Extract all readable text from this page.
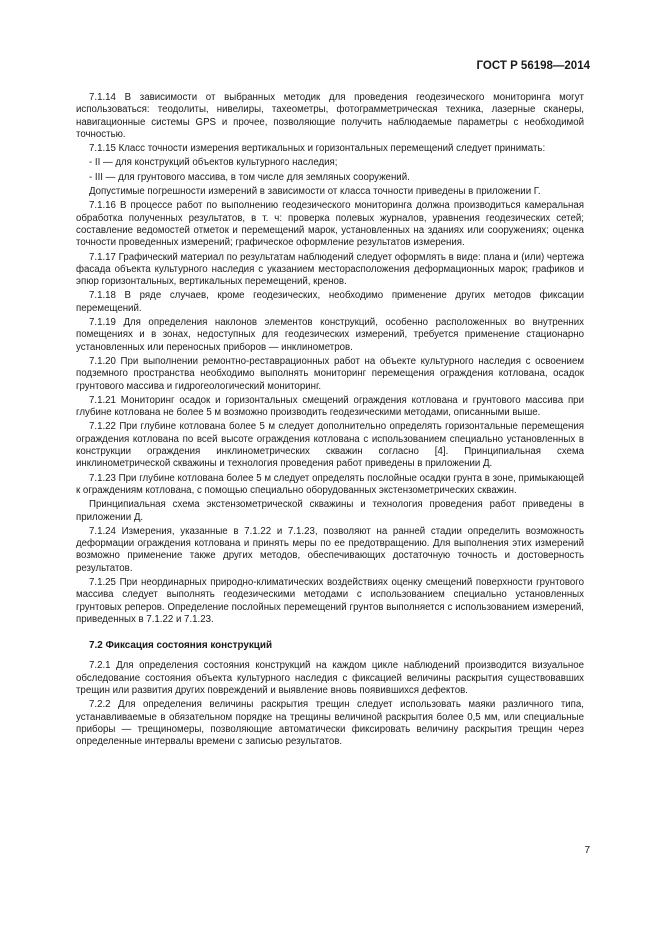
ГОСТ Р 56198—2014

7.1.14 В зависимости от выбранных методик для проведения геодезического мониторинга могут использоваться: теодолиты, нивелиры, тахеометры, фотограмметрическая техника, лазерные сканеры, навигационные системы GPS и прочее, позволяющие получить наблюдаемые параметры с необходимой точностью.

7.1.15 Класс точности измерения вертикальных и горизонтальных перемещений следует принимать:

- II — для конструкций объектов культурного наследия;

- III — для грунтового массива, в том числе для земляных сооружений.

Допустимые погрешности измерений в зависимости от класса точности приведены в приложении Г.

7.1.16 В процессе работ по выполнению геодезического мониторинга должна производиться камеральная обработка полученных результатов, в т. ч: проверка полевых журналов, уравнения геодезических сетей; составление ведомостей отметок и перемещений марок, установленных на зданиях или сооружениях; оценка точности проведенных измерений; графическое оформление результатов измерения.

7.1.17 Графический материал по результатам наблюдений следует оформлять в виде: плана и (или) чертежа фасада объекта культурного наследия с указанием месторасположения деформационных марок; графиков и эпюр горизонтальных, вертикальных перемещений, кренов.

7.1.18 В ряде случаев, кроме геодезических, необходимо применение других методов фиксации перемещений.

7.1.19 Для определения наклонов элементов конструкций, особенно расположенных во внутренних помещениях и в зонах, недоступных для геодезических измерений, требуется применение стационарно установленных или переносных приборов — инклинометров.

7.1.20 При выполнении ремонтно-реставрационных работ на объекте культурного наследия с освоением подземного пространства необходимо выполнять мониторинг перемещения ограждения котлована, осадок грунтового массива и гидрогеологический мониторинг.

7.1.21 Мониторинг осадок и горизонтальных смещений ограждения котлована и грунтового массива при глубине котлована не более 5 м возможно производить геодезическими методами, описанными выше.

7.1.22 При глубине котлована более 5 м следует дополнительно определять горизонтальные перемещения ограждения котлована по всей высоте ограждения котлована с использованием специально установленных в конструкции ограждения инклинометрических скважин согласно [4]. Принципиальная схема инклинометрической скважины и технология проведения работ приведены в приложении Д.

7.1.23 При глубине котлована более 5 м следует определять послойные осадки грунта в зоне, примыкающей к ограждениям котлована, с помощью специально оборудованных экстензометрических скважин.

Принципиальная схема экстензометрической скважины и технология проведения работ приведены в приложении Д.

7.1.24 Измерения, указанные в 7.1.22 и 7.1.23, позволяют на ранней стадии определить возможность деформации ограждения котлована и принять меры по ее предотвращению. Для выполнения этих измерений возможно применение также других методов, обеспечивающих достаточную точность и достоверность результатов.

7.1.25 При неординарных природно-климатических воздействиях оценку смещений поверхности грунтового массива следует выполнять геодезическими методами с использованием специально установленных грунтовых реперов. Определение послойных перемещений грунтов выполняется с использованием измерений, приведенных в 7.1.22 и 7.1.23.

7.2 Фиксация состояния конструкций

7.2.1 Для определения состояния конструкций на каждом цикле наблюдений производится визуальное обследование состояния объекта культурного наследия с фиксацией величины раскрытия существовавших трещин или развития других повреждений и выявление вновь появившихся дефектов.

7.2.2 Для определения величины раскрытия трещин следует использовать маяки различного типа, устанавливаемые в обязательном порядке на трещины величиной раскрытия более 0,5 мм, или специальные приборы — трещиномеры, позволяющие автоматически фиксировать величину раскрытия трещин через определенные интервалы времени с записью результатов.

7
